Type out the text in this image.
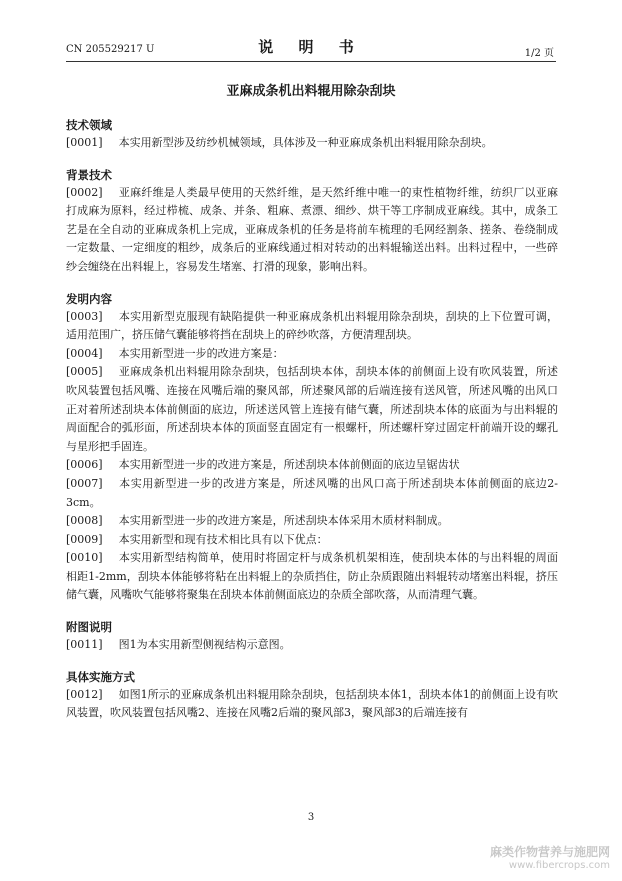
CN 205529217 U	说 明 书	1/2 页
亚麻成条机出料辊用除杂刮块
技术领域

[0001] 本实用新型涉及纺纱机械领域，具体涉及一种亚麻成条机出料辊用除杂刮块。

背景技术

[0002] 亚麻纤维是人类最早使用的天然纤维，是天然纤维中唯一的束性植物纤维，纺织厂以亚麻打成麻为原料，经过栉梳、成条、并条、粗麻、煮漂、细纱、烘干等工序制成亚麻线。其中，成条工艺是在全自动的亚麻成条机上完成，亚麻成条机的任务是将前车梳理的毛网经割条、搓条、卷绕制成一定数量、一定细度的粗纱，成条后的亚麻线通过相对转动的出料辊输送出料。出料过程中，一些碎纱会缠绕在出料辊上，容易发生堵塞、打滑的现象，影响出料。

发明内容

[0003] 本实用新型克服现有缺陷提供一种亚麻成条机出料辊用除杂刮块，刮块的上下位置可调，适用范围广，挤压储气囊能够将挡在刮块上的碎纱吹落，方便清理刮块。

[0004] 本实用新型进一步的改进方案是：

[0005] 亚麻成条机出料辊用除杂刮块，包括刮块本体，刮块本体的前侧面上设有吹风装置，所述吹风装置包括风嘴、连接在风嘴后端的聚风部，所述聚风部的后端连接有送风管，所述风嘴的出风口正对着所述刮块本体前侧面的底边，所述送风管上连接有储气囊，所述刮块本体的底面为与出料辊的周面配合的弧形面，所述刮块本体的顶面竖直固定有一根螺杆，所述螺杆穿过固定杆前端开设的螺孔与星形把手固连。

[0006] 本实用新型进一步的改进方案是，所述刮块本体前侧面的底边呈锯齿状

[0007] 本实用新型进一步的改进方案是，所述风嘴的出风口高于所述刮块本体前侧面的底边2-3cm。

[0008] 本实用新型进一步的改进方案是，所述刮块本体采用木质材料制成。

[0009] 本实用新型和现有技术相比具有以下优点：

[0010] 本实用新型结构简单，使用时将固定杆与成条机机架相连，使刮块本体的与出料辊的周面相距1-2mm，刮块本体能够将粘在出料辊上的杂质挡住，防止杂质跟随出料辊转动堵塞出料辊，挤压储气囊，风嘴吹气能够将聚集在刮块本体前侧面底边的杂质全部吹落，从而清理气囊。

附图说明

[0011] 图1为本实用新型侧视结构示意图。

具体实施方式

[0012] 如图1所示的亚麻成条机出料辊用除杂刮块，包括刮块本体1，刮块本体1的前侧面上设有吹风装置，吹风装置包括风嘴2、连接在风嘴2后端的聚风部3，聚风部3的后端连接有

3
麻类作物营养与施肥网
www.fibercrops.com
